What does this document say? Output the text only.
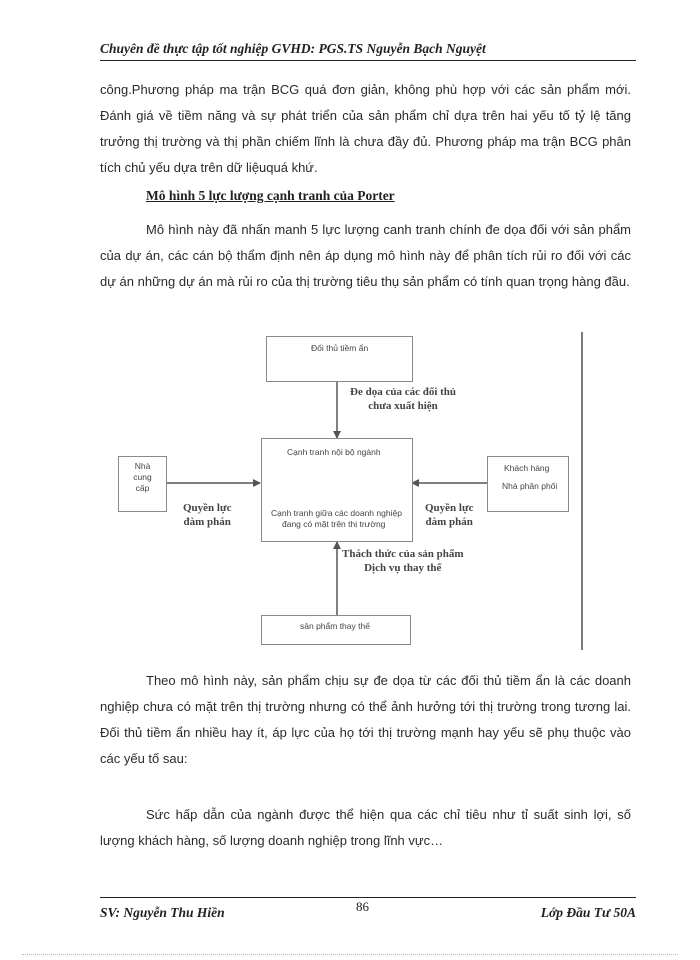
Chuyên đề thực tập tốt nghiệp GVHD: PGS.TS Nguyễn Bạch Nguyệt

công.Phương pháp ma trận BCG quá đơn giản, không phù hợp với các sản phẩm mới. Đánh giá về tiềm năng và sự phát triển của sản phẩm chỉ dựa trên hai yếu tố tỷ lệ tăng trưởng thị trường và thị phần chiếm lĩnh là chưa đầy đủ. Phương pháp ma trận BCG phân tích chủ yếu dựa trên dữ liệuquá khứ.

Mô hình 5 lực lượng cạnh tranh của Porter

Mô hình này đã nhấn manh 5 lực lượng canh tranh chính đe dọa đối với sản phẩm của dự án, các cán bộ thẩm định nên áp dụng mô hình này để phân tích rủi ro đối với các dự án những dự án mà rủi ro của thị trường tiêu thụ sản phẩm có tính quan trọng hàng đầu.

Đối thủ tiềm ẩn
Đe dọa của các đối thủ
chưa xuất hiện
Cạnh tranh nội bộ ngành
Cạnh tranh giữa các doanh nghiệp
đang có mặt trên thị trường
Nhà
cung
cấp
Quyền lực
đàm phán
Khách hàng
Nhà phân phối
Quyền lực
đàm phán
Thách thức của sản phẩm
Dịch vụ thay thế
sản phẩm thay thế

Theo mô hình này, sản phẩm chịu sự đe dọa từ các đối thủ tiềm ẩn là các doanh nghiệp chưa có mặt trên thị trường nhưng có thể ảnh hưởng tới thị trường trong tương lai. Đối thủ tiềm ẩn nhiều hay ít, áp lực của họ tới thị trường mạnh hay yếu sẽ phụ thuộc vào các yếu tố sau:

Sức hấp dẫn của ngành được thể hiện qua các chỉ tiêu như tỉ suất sinh lợi, số lượng khách hàng, số lượng doanh nghiệp trong lĩnh vực…

SV: Nguyễn Thu Hiền	86	Lớp Đầu Tư 50A
